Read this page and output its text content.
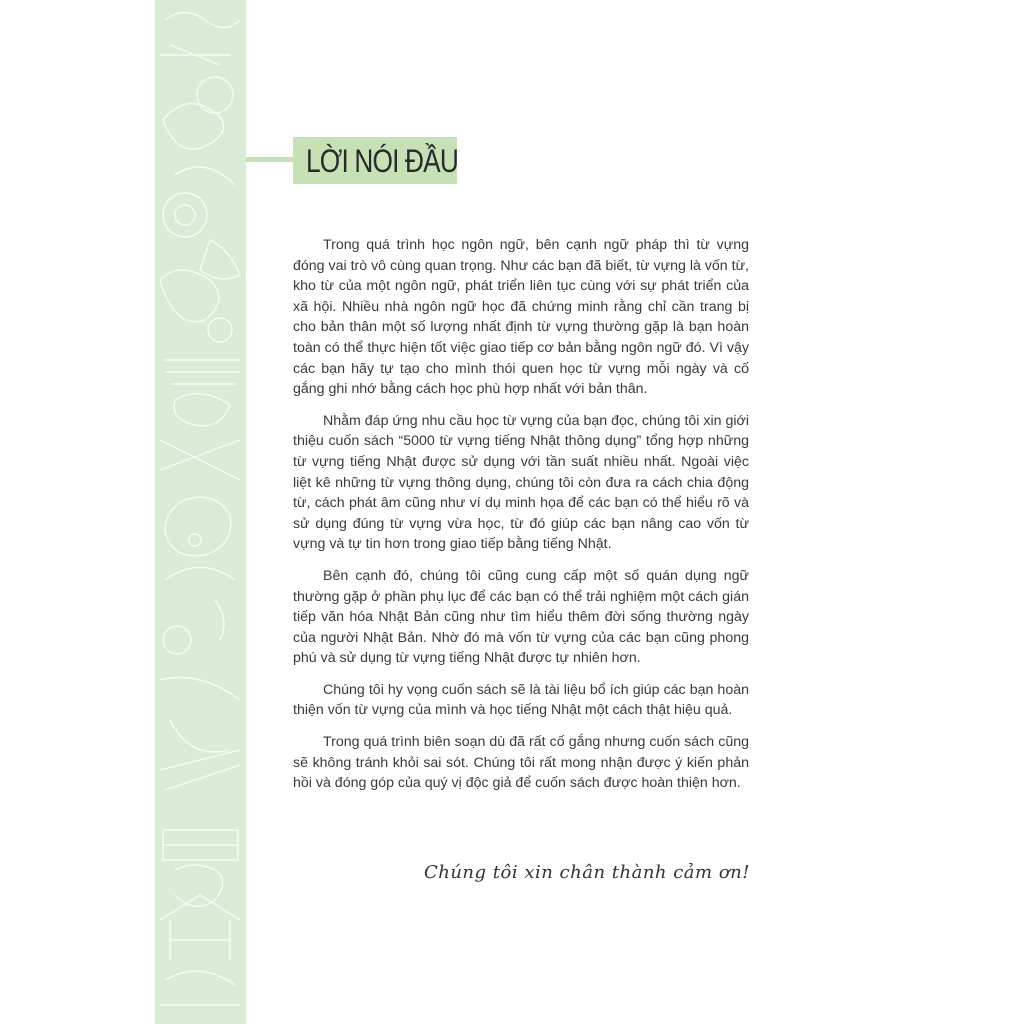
LỜI NÓI ĐẦU

Trong quá trình học ngôn ngữ, bên cạnh ngữ pháp thì từ vựng đóng vai trò vô cùng quan trọng. Như các bạn đã biết, từ vựng là vốn từ, kho từ của một ngôn ngữ, phát triển liên tục cùng với sự phát triển của xã hội. Nhiều nhà ngôn ngữ học đã chứng minh rằng chỉ cần trang bị cho bản thân một số lượng nhất định từ vựng thường gặp là bạn hoàn toàn có thể thực hiện tốt việc giao tiếp cơ bản bằng ngôn ngữ đó. Vì vậy các bạn hãy tự tạo cho mình thói quen học từ vựng mỗi ngày và cố gắng ghi nhớ bằng cách học phù hợp nhất với bản thân.

Nhằm đáp ứng nhu cầu học từ vựng của bạn đọc, chúng tôi xin giới thiệu cuốn sách “5000 từ vựng tiếng Nhật thông dụng” tổng hợp những từ vựng tiếng Nhật được sử dụng với tần suất nhiều nhất. Ngoài việc liệt kê những từ vựng thông dụng, chúng tôi còn đưa ra cách chia động từ, cách phát âm cũng như ví dụ minh họa để các bạn có thể hiểu rõ và sử dụng đúng từ vựng vừa học, từ đó giúp các bạn nâng cao vốn từ vựng và tự tin hơn trong giao tiếp bằng tiếng Nhật.

Bên cạnh đó, chúng tôi cũng cung cấp một số quán dụng ngữ thường gặp ở phần phụ lục để các bạn có thể trải nghiệm một cách gián tiếp văn hóa Nhật Bản cũng như tìm hiểu thêm đời sống thường ngày của người Nhật Bản. Nhờ đó mà vốn từ vựng của các bạn cũng phong phú và sử dụng từ vựng tiếng Nhật được tự nhiên hơn.

Chúng tôi hy vọng cuốn sách sẽ là tài liệu bổ ích giúp các bạn hoàn thiện vốn từ vựng của mình và học tiếng Nhật một cách thật hiệu quả.

Trong quá trình biên soạn dù đã rất cố gắng nhưng cuốn sách cũng sẽ không tránh khỏi sai sót. Chúng tôi rất mong nhận được ý kiến phản hồi và đóng góp của quý vị độc giả để cuốn sách được hoàn thiện hơn.

Chúng tôi xin chân thành cảm ơn!
